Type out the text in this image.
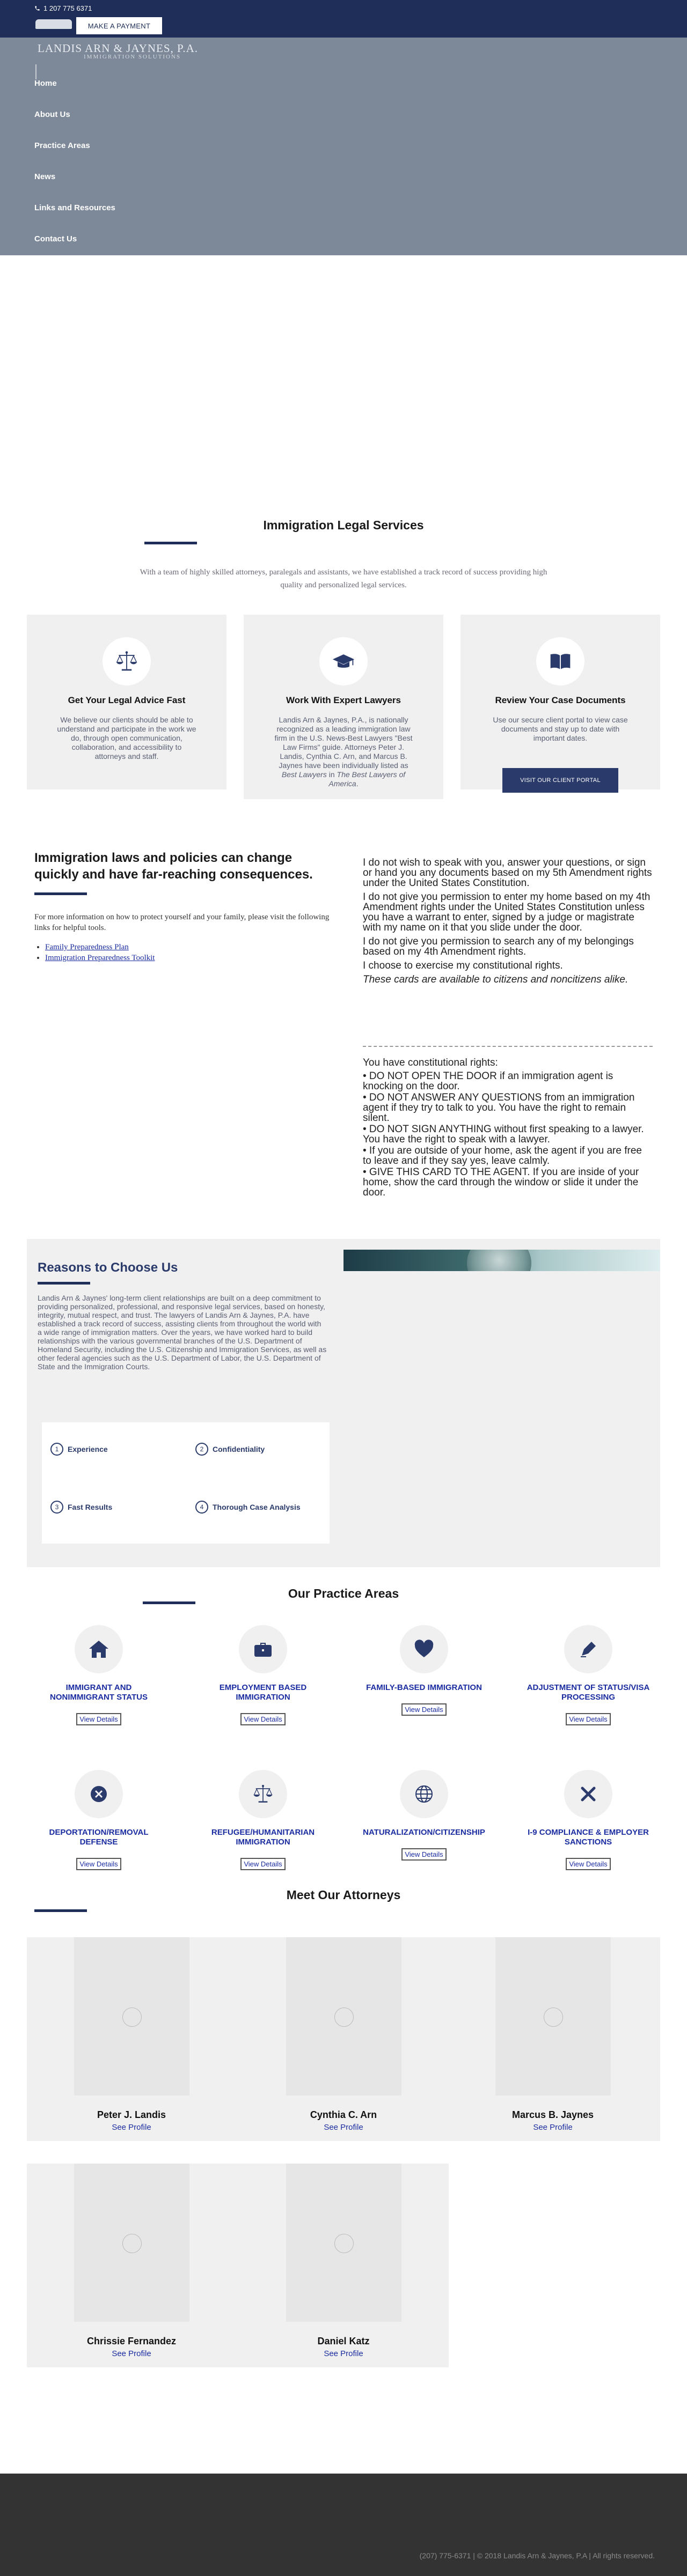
1 207 775 6371
MAKE A PAYMENT
LANDIS ARN & JAYNES, P.A.
IMMIGRATION SOLUTIONS
Home
About Us
Practice Areas
News
Links and Resources
Contact Us
Immigration Legal Services

With a team of highly skilled attorneys, paralegals and assistants, we have established a track record of success providing high quality and personalized legal services.

Get Your Legal Advice Fast

We believe our clients should be able to understand and participate in the work we do, through open communication, collaboration, and accessibility to attorneys and staff.

Work With Expert Lawyers

Landis Arn & Jaynes, P.A., is nationally recognized as a leading immigration law firm in the U.S. News-Best Lawyers "Best Law Firms" guide. Attorneys Peter J. Landis, Cynthia C. Arn, and Marcus B. Jaynes have been individually listed as Best Lawyers in The Best Lawyers of America.

Review Your Case Documents

Use our secure client portal to view case documents and stay up to date with important dates.

VISIT OUR CLIENT PORTAL
Immigration laws and policies can change quickly and have far-reaching consequences.

For more information on how to protect yourself and your family, please visit the following links for helpful tools.

• Family Preparedness Plan
• Immigration Preparedness Toolkit

I do not wish to speak with you, answer your questions, or sign or hand you any documents based on my 5th Amendment rights under the United States Constitution.

I do not give you permission to enter my home based on my 4th Amendment rights under the United States Constitution unless you have a warrant to enter, signed by a judge or magistrate with my name on it that you slide under the door.

I do not give you permission to search any of my belongings based on my 4th Amendment rights.

I choose to exercise my constitutional rights.

These cards are available to citizens and noncitizens alike.

You have constitutional rights:

• DO NOT OPEN THE DOOR if an immigration agent is knocking on the door.

• DO NOT ANSWER ANY QUESTIONS from an immigration agent if they try to talk to you. You have the right to remain silent.

• DO NOT SIGN ANYTHING without first speaking to a lawyer. You have the right to speak with a lawyer.

• If you are outside of your home, ask the agent if you are free to leave and if they say yes, leave calmly.

• GIVE THIS CARD TO THE AGENT. If you are inside of your home, show the card through the window or slide it under the door.

Reasons to Choose Us

Landis Arn & Jaynes' long-term client relationships are built on a deep commitment to providing personalized, professional, and responsive legal services, based on honesty, integrity, mutual respect, and trust. The lawyers of Landis Arn & Jaynes, P.A. have established a track record of success, assisting clients from throughout the world with a wide range of immigration matters. Over the years, we have worked hard to build relationships with the various governmental branches of the U.S. Department of Homeland Security, including the U.S. Citizenship and Immigration Services, as well as other federal agencies such as the U.S. Department of Labor, the U.S. Department of State and the Immigration Courts.

1	Experience	2	Confidentiality
3	Fast Results	4	Thorough Case Analysis
Our Practice Areas
IMMIGRANT AND NONIMMIGRANT STATUS
View Details
EMPLOYMENT BASED IMMIGRATION
View Details
FAMILY-BASED IMMIGRATION
View Details
ADJUSTMENT OF STATUS/VISA PROCESSING
View Details
DEPORTATION/REMOVAL DEFENSE
View Details
REFUGEE/HUMANITARIAN IMMIGRATION
View Details
NATURALIZATION/CITIZENSHIP
View Details
I-9 COMPLIANCE & EMPLOYER SANCTIONS
View Details
Meet Our Attorneys
Peter J. Landis
See Profile
Cynthia C. Arn
See Profile
Marcus B. Jaynes
See Profile
Chrissie Fernandez
See Profile
Daniel Katz
See Profile
(207) 775-6371 | © 2018 Landis Arn & Jaynes, P.A | All rights reserved.
